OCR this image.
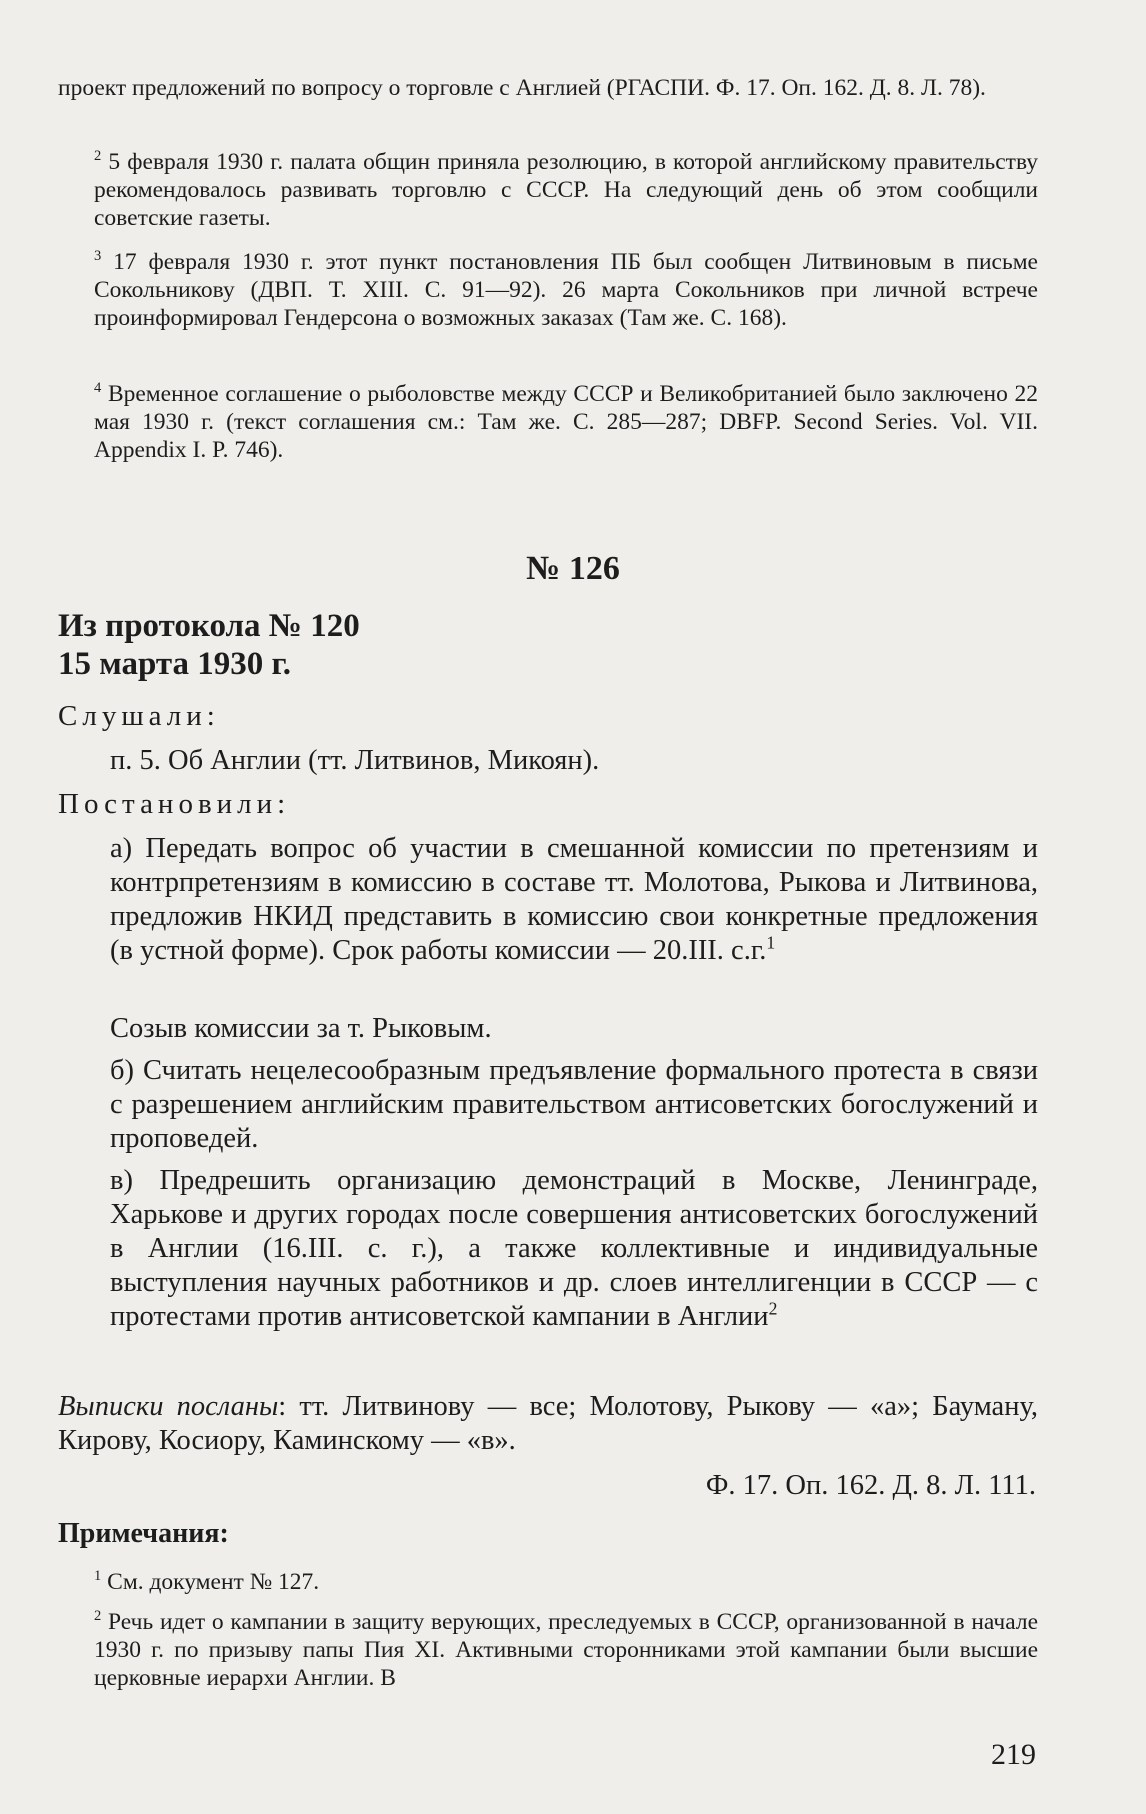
проект предложений по вопросу о торговле с Англией (РГАСПИ. Ф. 17. Оп. 162. Д. 8. Л. 78).

$^2$ 5 февраля 1930 г. палата общин приняла резолюцию, в которой английскому правительству рекомендовалось развивать торговлю с СССР. На следующий день об этом сообщили советские газеты.

$^3$ 17 февраля 1930 г. этот пункт постановления ПБ был сообщен Литвиновым в письме Сокольникову (ДВП. Т. XIII. С. 91—92). 26 марта Сокольников при личной встрече проинформировал Гендерсона о возможных заказах (Там же. С. 168).

$^4$ Временное соглашение о рыболовстве между СССР и Великобританией было заключено 22 мая 1930 г. (текст соглашения см.: Там же. С. 285—287; DBFP. Second Series. Vol. VII. Appendix I. P. 746).

№ 126
Из протокола № 120
15 марта 1930 г.
Слушали:

п. 5. Об Англии (тт. Литвинов, Микоян).

Постановили:

а) Передать вопрос об участии в смешанной комиссии по претензиям и контрпретензиям в комиссию в составе тт. Молотова, Рыкова и Литвинова, предложив НКИД представить в комиссию свои конкретные предложения (в устной форме). Срок работы комиссии — 20.III. с.г.$^1$

Созыв комиссии за т. Рыковым.

б) Считать нецелесообразным предъявление формального протеста в связи с разрешением английским правительством антисоветских богослужений и проповедей.

в) Предрешить организацию демонстраций в Москве, Ленинграде, Харькове и других городах после совершения антисоветских богослужений в Англии (16.III. с. г.), а также коллективные и индивидуальные выступления научных работников и др. слоев интеллигенции в СССР — с протестами против антисоветской кампании в Англии$^2$

Выписки посланы: тт. Литвинову — все; Молотову, Рыкову — «а»; Бауману, Кирову, Косиору, Каминскому — «в».

Ф. 17. Оп. 162. Д. 8. Л. 111.
Примечания:

$^1$ См. документ № 127.

$^2$ Речь идет о кампании в защиту верующих, преследуемых в СССР, организованной в начале 1930 г. по призыву папы Пия XI. Активными сторонниками этой кампании были высшие церковные иерархи Англии. В

219
